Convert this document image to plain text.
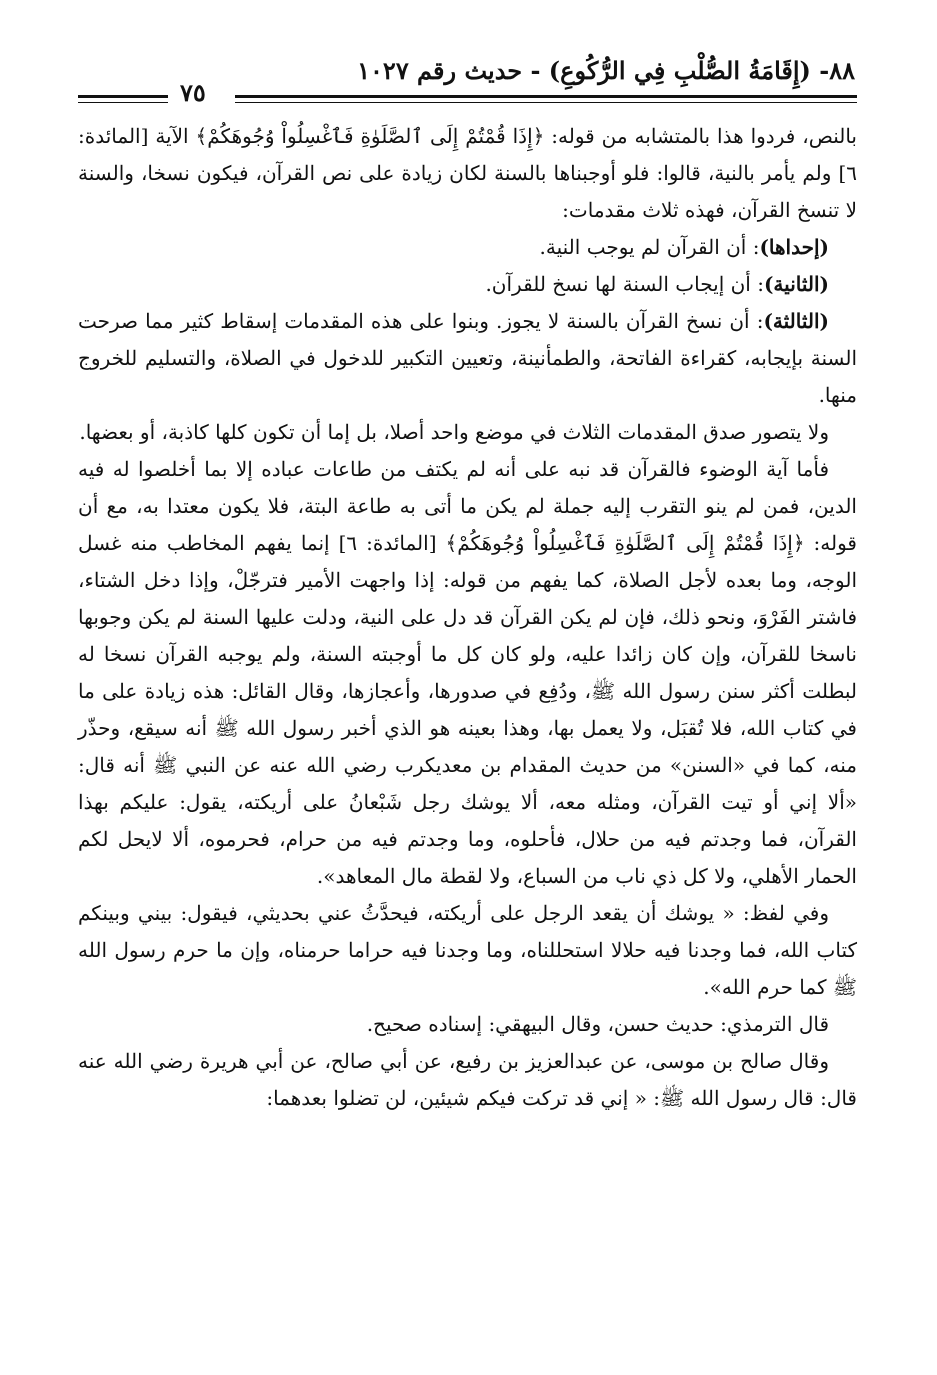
٨٨- (إِقَامَةُ الصُّلْبِ فِي الرُّكُوعِ) - حديث رقم ١٠٢٧
٧٥

بالنص، فردوا هذا بالمتشابه من قوله: ﴿إِذَا قُمْتُمْ إِلَى ٱلصَّلَوٰةِ فَٱغْسِلُواْ وُجُوهَكُمْ﴾ الآية [المائدة: ٦] ولم يأمر بالنية، قالوا: فلو أوجبناها بالسنة لكان زيادة على نص القرآن، فيكون نسخا، والسنة لا تنسخ القرآن، فهذه ثلاث مقدمات:

(إحداها): أن القرآن لم يوجب النية.

(الثانية): أن إيجاب السنة لها نسخ للقرآن.

(الثالثة): أن نسخ القرآن بالسنة لا يجوز. وبنوا على هذه المقدمات إسقاط كثير مما صرحت السنة بإيجابه، كقراءة الفاتحة، والطمأنينة، وتعيين التكبير للدخول في الصلاة، والتسليم للخروج منها.

ولا يتصور صدق المقدمات الثلاث في موضع واحد أصلا، بل إما أن تكون كلها كاذبة، أو بعضها.

فأما آية الوضوء فالقرآن قد نبه على أنه لم يكتف من طاعات عباده إلا بما أخلصوا له فيه الدين، فمن لم ينو التقرب إليه جملة لم يكن ما أتى به طاعة البتة، فلا يكون معتدا به، مع أن قوله: ﴿إِذَا قُمْتُمْ إِلَى ٱلصَّلَوٰةِ فَٱغْسِلُواْ وُجُوهَكُمْ﴾ [المائدة: ٦] إنما يفهم المخاطب منه غسل الوجه، وما بعده لأجل الصلاة، كما يفهم من قوله: إذا واجهت الأمير فترجّلْ، وإذا دخل الشتاء، فاشتر الفَرْوَ، ونحو ذلك، فإن لم يكن القرآن قد دل على النية، ودلت عليها السنة لم يكن وجوبها ناسخا للقرآن، وإن كان زائدا عليه، ولو كان كل ما أوجبته السنة، ولم يوجبه القرآن نسخا له لبطلت أكثر سنن رسول الله ﷺ، ودُفِع في صدورها، وأعجازها، وقال القائل: هذه زيادة على ما في كتاب الله، فلا تُقبَل، ولا يعمل بها، وهذا بعينه هو الذي أخبر رسول الله ﷺ أنه سيقع، وحذّر منه، كما في «السنن» من حديث المقدام بن معديكرب رضي الله عنه عن النبي ﷺ أنه قال: «ألا إني أو تيت القرآن، ومثله معه، ألا يوشك رجل شَبْعانُ على أريكته، يقول: عليكم بهذا القرآن، فما وجدتم فيه من حلال، فأحلوه، وما وجدتم فيه من حرام، فحرموه، ألا لايحل لكم الحمار الأهلي، ولا كل ذي ناب من السباع، ولا لقطة مال المعاهد».

وفي لفظ: « يوشك أن يقعد الرجل على أريكته، فيحدَّثُ عني بحديثي، فيقول: بيني وبينكم كتاب الله، فما وجدنا فيه حلالا استحللناه، وما وجدنا فيه حراما حرمناه، وإن ما حرم رسول الله ﷺ كما حرم الله».

قال الترمذي: حديث حسن، وقال البيهقي: إسناده صحيح.

وقال صالح بن موسى، عن عبدالعزيز بن رفيع، عن أبي صالح، عن أبي هريرة رضي الله عنه قال: قال رسول الله ﷺ: « إني قد تركت فيكم شيئين، لن تضلوا بعدهما:
